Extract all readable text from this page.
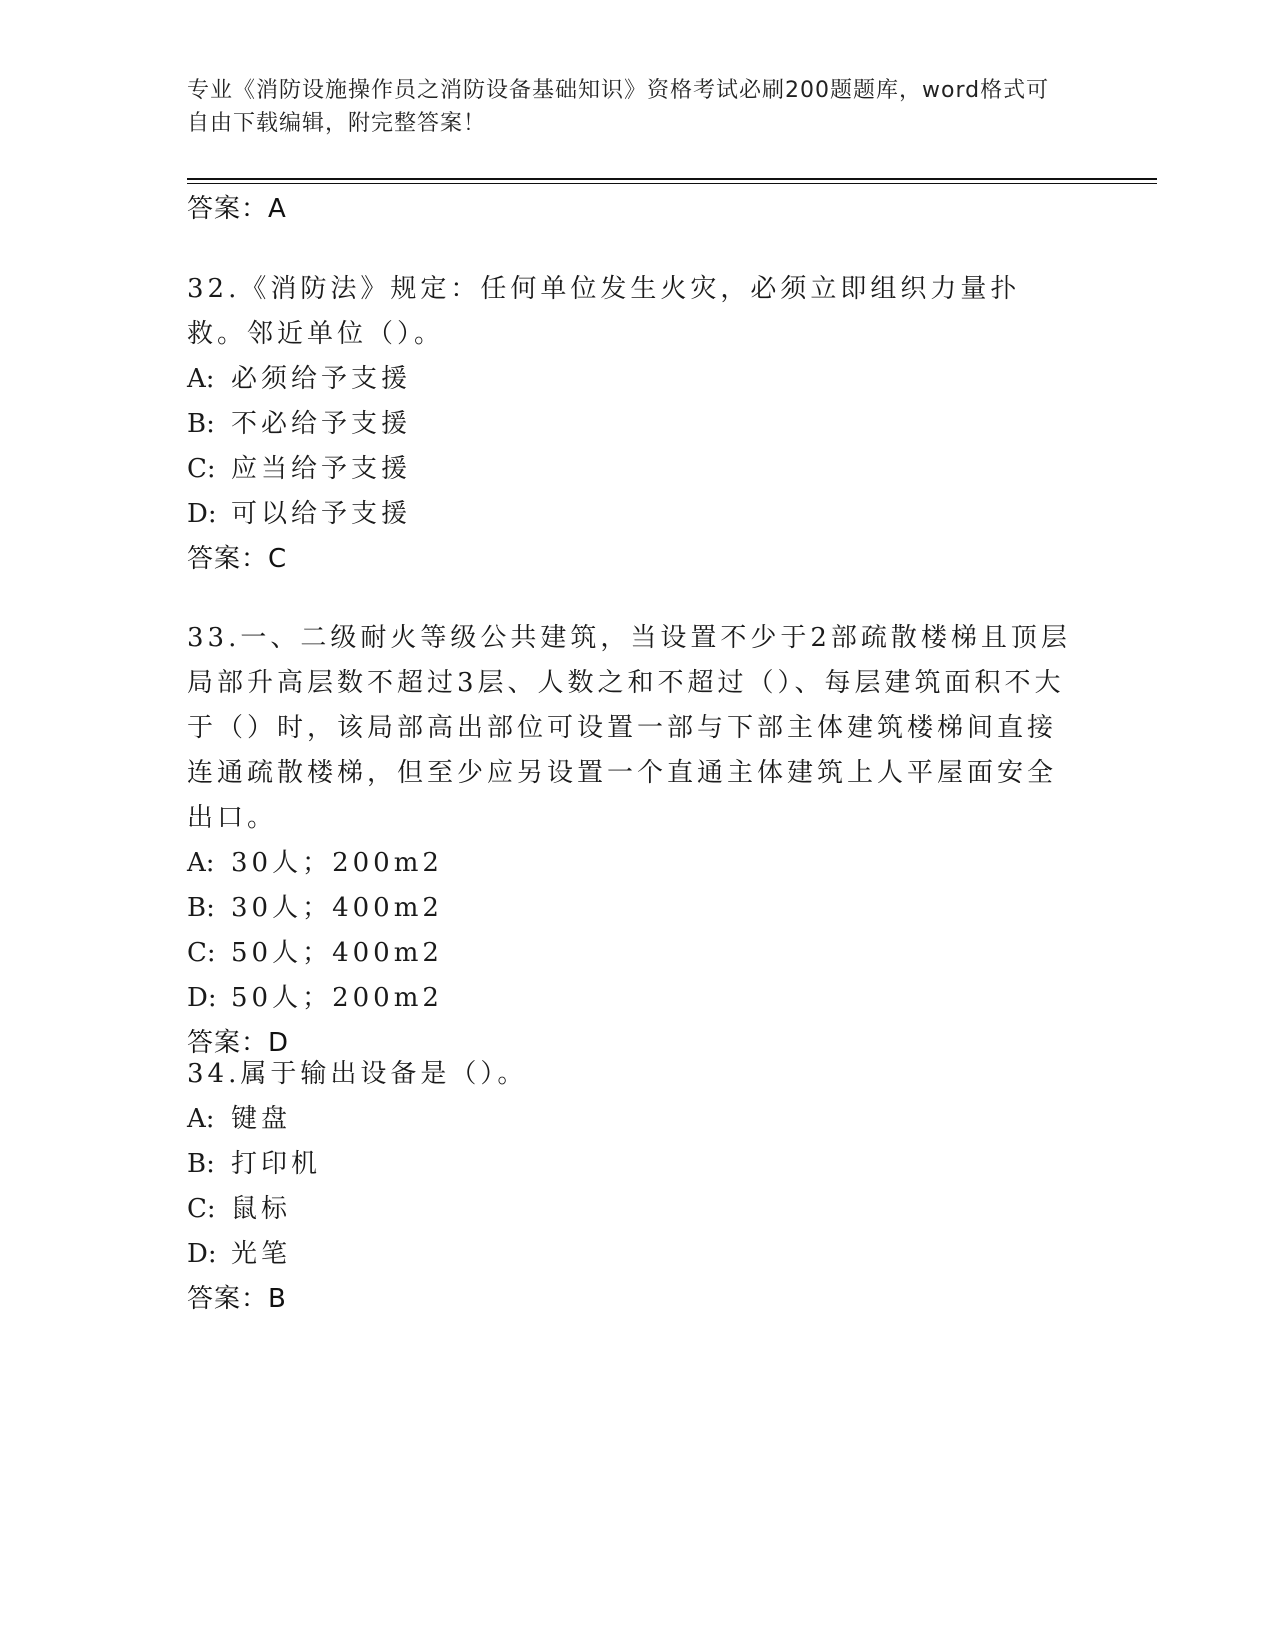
专业《消防设施操作员之消防设备基础知识》资格考试必刷200题题库，word格式可自由下载编辑，附完整答案！
答案：A

32.《消防法》规定：任何单位发生火灾，必须立即组织力量扑救。邻近单位（）。

A: 必须给予支援
B: 不必给予支援
C: 应当给予支援
D: 可以给予支援
答案：C

33.一、二级耐火等级公共建筑，当设置不少于2部疏散楼梯且顶层局部升高层数不超过3层、人数之和不超过（）、每层建筑面积不大于（）时，该局部高出部位可设置一部与下部主体建筑楼梯间直接连通疏散楼梯，但至少应另设置一个直通主体建筑上人平屋面安全出口。

A: 30人；200m2
B: 30人；400m2
C: 50人；400m2
D: 50人；200m2
答案：D

34.属于输出设备是（）。

A: 键盘
B: 打印机
C: 鼠标
D: 光笔
答案：B
